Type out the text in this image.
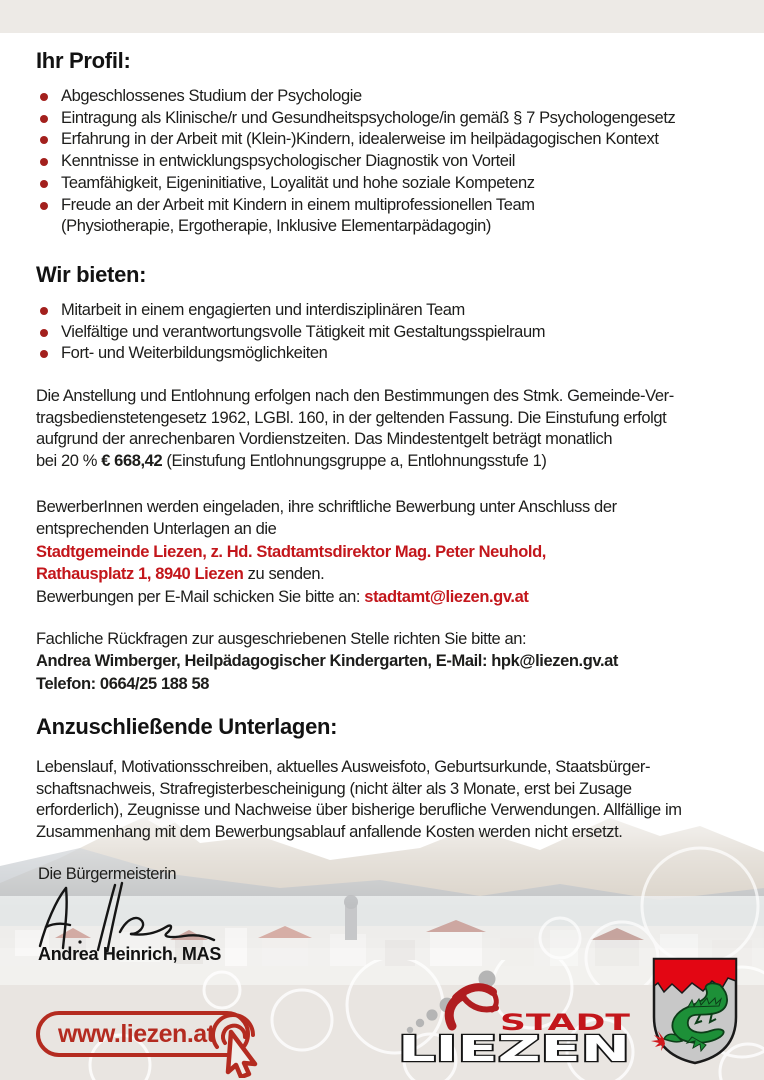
Ihr Profil:
Abgeschlossenes Studium der Psychologie
Eintragung als Klinische/r und Gesundheitspsychologe/in gemäß § 7 Psychologengesetz
Erfahrung in der Arbeit mit (Klein-)Kindern, idealerweise im heilpädagogischen Kontext
Kenntnisse in entwicklungspsychologischer Diagnostik von Vorteil
Teamfähigkeit, Eigeninitiative, Loyalität und hohe soziale Kompetenz
Freude an der Arbeit mit Kindern in einem multiprofessionellen Team
(Physiotherapie, Ergotherapie, Inklusive Elementarpädagogin)
Wir bieten:
Mitarbeit in einem engagierten und interdisziplinären Team
Vielfältige und verantwortungsvolle Tätigkeit mit Gestaltungsspielraum
Fort- und Weiterbildungsmöglichkeiten
Die Anstellung und Entlohnung erfolgen nach den Bestimmungen des Stmk. Gemeinde-Ver-
tragsbedienstetengesetz 1962, LGBl. 160, in der geltenden Fassung. Die Einstufung erfolgt
aufgrund der anrechenbaren Vordienstzeiten. Das Mindestentgelt beträgt monatlich
bei 20 % € 668,42 (Einstufung Entlohnungsgruppe a, Entlohnungsstufe 1)
BewerberInnen werden eingeladen, ihre schriftliche Bewerbung unter Anschluss der
entsprechenden Unterlagen an die
Stadtgemeinde Liezen, z. Hd. Stadtamtsdirektor Mag. Peter Neuhold,
Rathausplatz 1, 8940 Liezen zu senden.
Bewerbungen per E-Mail schicken Sie bitte an: stadtamt@liezen.gv.at
Fachliche Rückfragen zur ausgeschriebenen Stelle richten Sie bitte an:
Andrea Wimberger, Heilpädagogischer Kindergarten, E-Mail: hpk@liezen.gv.at
Telefon: 0664/25 188 58
Anzuschließende Unterlagen:
Lebenslauf, Motivationsschreiben, aktuelles Ausweisfoto, Geburtsurkunde, Staatsbürger-
schaftsnachweis, Strafregisterbescheinigung (nicht älter als 3 Monate, erst bei Zusage
erforderlich), Zeugnisse und Nachweise über bisherige berufliche Verwendungen. Allfällige im
Zusammenhang mit dem Bewerbungsablauf anfallende Kosten werden nicht ersetzt.
Die Bürgermeisterin
Andrea Heinrich, MAS
www.liezen.at	STADT
LIEZEN
